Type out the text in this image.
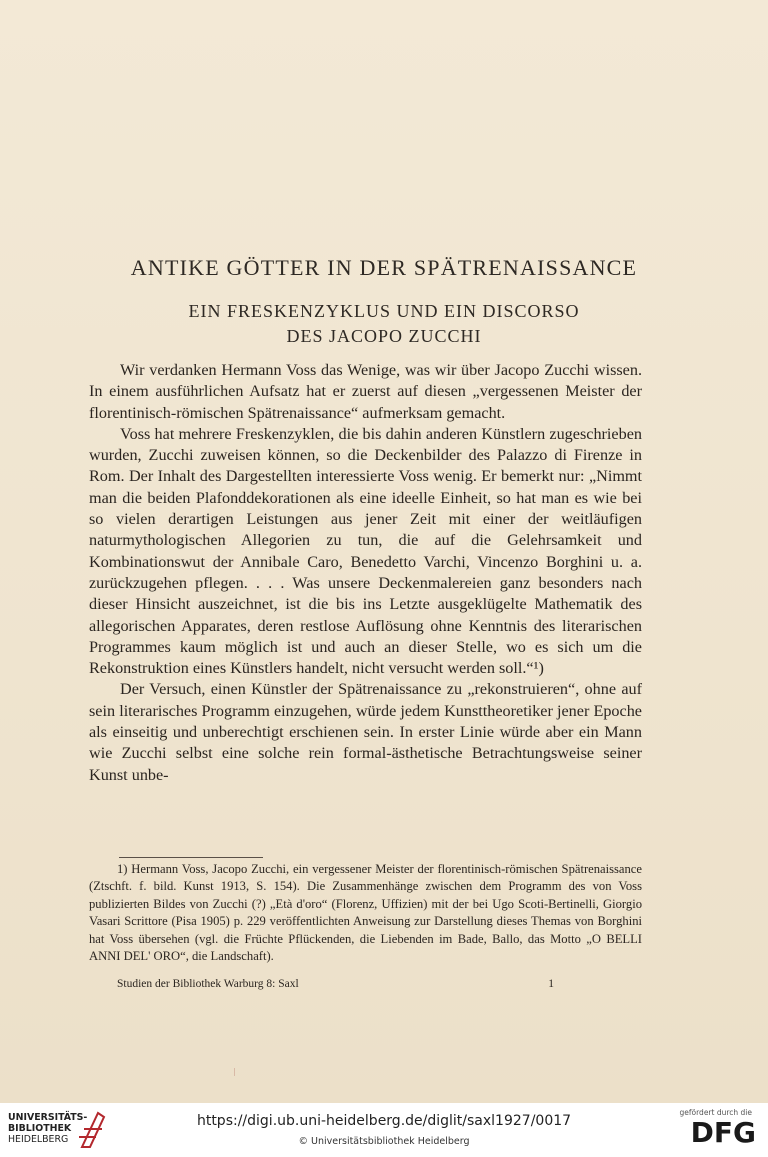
ANTIKE GÖTTER IN DER SPÄTRENAISSANCE
EIN FRESKENZYKLUS UND EIN DISCORSO
DES JACOPO ZUCCHI

Wir verdanken Hermann Voss das Wenige, was wir über Jacopo Zucchi wissen. In einem ausführlichen Aufsatz hat er zuerst auf diesen „vergessenen Meister der florentinisch-römischen Spätrenaissance“ aufmerksam gemacht.

Voss hat mehrere Freskenzyklen, die bis dahin anderen Künstlern zugeschrieben wurden, Zucchi zuweisen können, so die Deckenbilder des Palazzo di Firenze in Rom. Der Inhalt des Dargestellten interessierte Voss wenig. Er bemerkt nur: „Nimmt man die beiden Plafonddekorationen als eine ideelle Einheit, so hat man es wie bei so vielen derartigen Leistungen aus jener Zeit mit einer der weitläufigen naturmythologischen Allegorien zu tun, die auf die Gelehrsamkeit und Kombinationswut der Annibale Caro, Benedetto Varchi, Vincenzo Borghini u. a. zurückzugehen pflegen. . . . Was unsere Deckenmalereien ganz besonders nach dieser Hinsicht auszeichnet, ist die bis ins Letzte ausgeklügelte Mathematik des allegorischen Apparates, deren restlose Auflösung ohne Kenntnis des literarischen Programmes kaum möglich ist und auch an dieser Stelle, wo es sich um die Rekonstruktion eines Künstlers handelt, nicht versucht werden soll.“¹)

Der Versuch, einen Künstler der Spätrenaissance zu „rekonstruieren“, ohne auf sein literarisches Programm einzugehen, würde jedem Kunsttheoretiker jener Epoche als einseitig und unberechtigt erschienen sein. In erster Linie würde aber ein Mann wie Zucchi selbst eine solche rein formal-ästhetische Betrachtungsweise seiner Kunst unbe-

1) Hermann Voss, Jacopo Zucchi, ein vergessener Meister der florentinisch-römischen Spätrenaissance (Ztschft. f. bild. Kunst 1913, S. 154). Die Zusammenhänge zwischen dem Programm des von Voss publizierten Bildes von Zucchi (?) „Età d'oro“ (Florenz, Uffizien) mit der bei Ugo Scoti-Bertinelli, Giorgio Vasari Scrittore (Pisa 1905) p. 229 veröffentlichten Anweisung zur Darstellung dieses Themas von Borghini hat Voss übersehen (vgl. die Früchte Pflückenden, die Liebenden im Bade, Ballo, das Motto „O BELLI ANNI DEL' ORO“, die Landschaft).

Studien der Bibliothek Warburg 8: Saxl	1
UNIVERSITÄTS-
BIBLIOTHEK
HEIDELBERG
https://digi.ub.uni-heidelberg.de/diglit/saxl1927/0017
© Universitätsbibliothek Heidelberg
gefördert durch die
DFG
